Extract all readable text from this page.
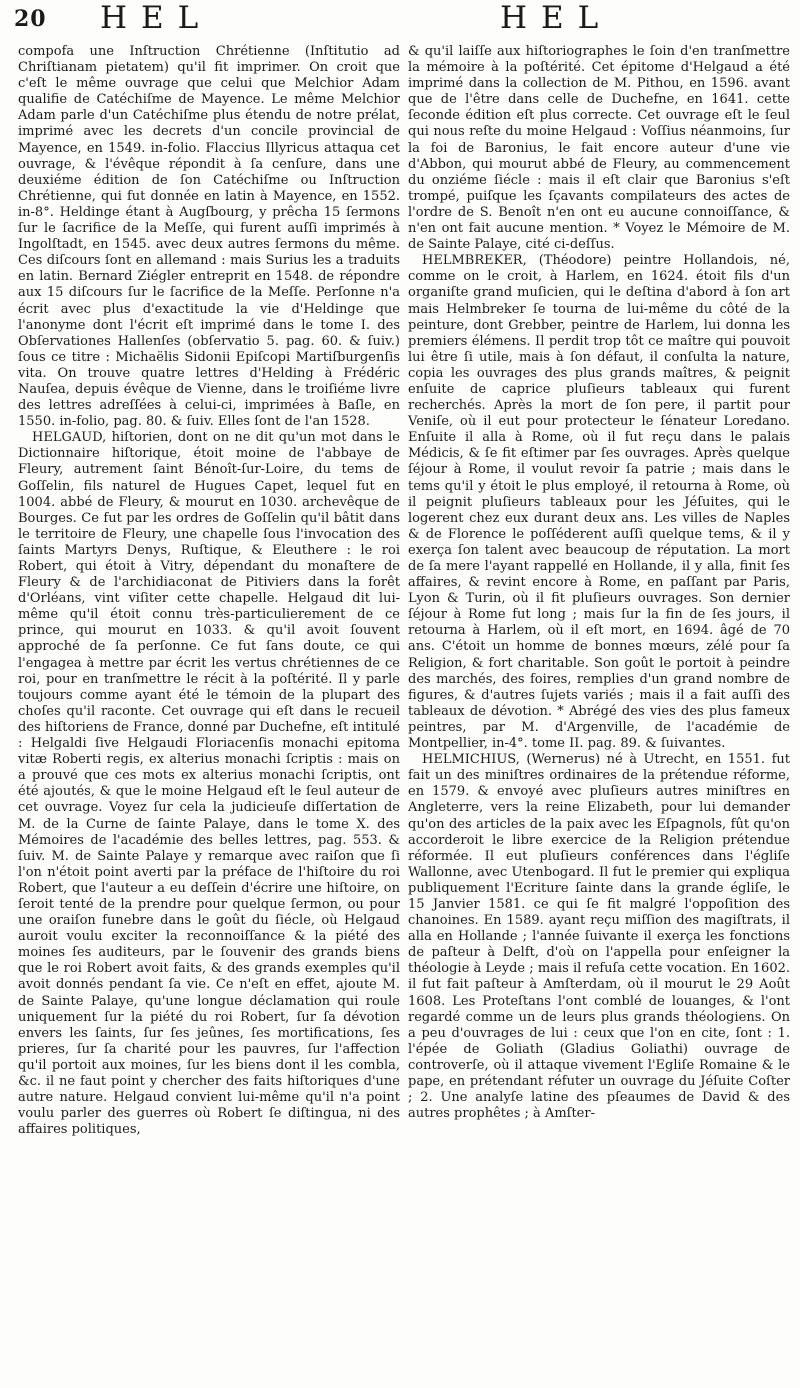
20 HEL	HEL

compofa une Inſtruction Chrétienne (Inſtitutio ad Chriſtianam pietatem) qu'il fit imprimer. On croit que c'eſt le même ouvrage que celui que Melchior Adam qualifie de Catéchiſme de Mayence. Le même Melchior Adam parle d'un Catéchiſme plus étendu de notre prélat, imprimé avec les decrets d'un concile provincial de Mayence, en 1549. in-folio. Flaccius Illyricus attaqua cet ouvrage, & l'évêque répondit à ſa cenſure, dans une deuxiéme édition de ſon Catéchiſme ou Inſtruction Chrétienne, qui fut donnée en latin à Mayence, en 1552. in-8°. Heldinge étant à Augſbourg, y prêcha 15 ſermons ſur le ſacrifice de la Meſſe, qui furent auſſi imprimés à Ingolſtadt, en 1545. avec deux autres ſermons du même. Ces diſcours ſont en allemand : mais Surius les a traduits en latin. Bernard Ziégler entreprit en 1548. de répondre aux 15 diſcours ſur le ſacrifice de la Meſſe. Perſonne n'a écrit avec plus d'exactitude la vie d'Heldinge que l'anonyme dont l'écrit eſt imprimé dans le tome I. des Obſervationes Hallenſes (obſervatio 5. pag. 60. & ſuiv.) ſous ce titre : Michaëlis Sidonii Epiſcopi Martiſburgenſis vita. On trouve quatre lettres d'Helding à Frédéric Nauſea, depuis évêque de Vienne, dans le troiſiéme livre des lettres adreſſées à celui-ci, imprimées à Baſle, en 1550. in-folio, pag. 80. & ſuiv. Elles ſont de l'an 1528.

HELGAUD, hiſtorien, dont on ne dit qu'un mot dans le Dictionnaire hiſtorique, étoit moine de l'abbaye de Fleury, autrement ſaint Bénoît-ſur-Loire, du tems de Goſſelin, fils naturel de Hugues Capet, lequel fut en 1004. abbé de Fleury, & mourut en 1030. archevêque de Bourges. Ce fut par les ordres de Goſſelin qu'il bâtit dans le territoire de Fleury, une chapelle ſous l'invocation des ſaints Martyrs Denys, Ruſtique, & Eleuthere : le roi Robert, qui étoit à Vitry, dépendant du monaſtere de Fleury & de l'archidiaconat de Pitiviers dans la forêt d'Orléans, vint viſiter cette chapelle. Helgaud dit lui-même qu'il étoit connu très-particulierement de ce prince, qui mourut en 1033. & qu'il avoit ſouvent approché de ſa perſonne. Ce fut ſans doute, ce qui l'engagea à mettre par écrit les vertus chrétiennes de ce roi, pour en tranſmettre le récit à la poſtérité. Il y parle toujours comme ayant été le témoin de la plupart des choſes qu'il raconte. Cet ouvrage qui eſt dans le recueil des hiſtoriens de France, donné par Duchefne, eſt intitulé : Helgaldi ſive Helgaudi Floriacenſis monachi epitoma vitæ Roberti regis, ex alterius monachi ſcriptis : mais on a prouvé que ces mots ex alterius monachi ſcriptis, ont été ajoutés, & que le moine Helgaud eſt le ſeul auteur de cet ouvrage. Voyez ſur cela la judicieuſe diſſertation de M. de la Curne de ſainte Palaye, dans le tome X. des Mémoires de l'académie des belles lettres, pag. 553. & ſuiv. M. de Sainte Palaye y remarque avec raiſon que ſi l'on n'étoit point averti par la préface de l'hiſtoire du roi Robert, que l'auteur a eu deſſein d'écrire une hiſtoire, on ſeroit tenté de la prendre pour quelque ſermon, ou pour une oraiſon funebre dans le goût du ſiécle, où Helgaud auroit voulu exciter la reconnoiſſance & la piété des moines ſes auditeurs, par le ſouvenir des grands biens que le roi Robert avoit faits, & des grands exemples qu'il avoit donnés pendant ſa vie. Ce n'eſt en effet, ajoute M. de Sainte Palaye, qu'une longue déclamation qui roule uniquement ſur la piété du roi Robert, ſur ſa dévotion envers les ſaints, ſur ſes jeûnes, ſes mortifications, ſes prieres, ſur ſa charité pour les pauvres, ſur l'affection qu'il portoit aux moines, ſur les biens dont il les combla, &c. il ne faut point y chercher des faits hiſtoriques d'une autre nature. Helgaud convient lui-même qu'il n'a point voulu parler des guerres où Robert ſe diſtingua, ni des affaires politiques,

& qu'il laiſſe aux hiſtoriographes le ſoin d'en tranſmettre la mémoire à la poſtérité. Cet épitome d'Helgaud a été imprimé dans la collection de M. Pithou, en 1596. avant que de l'être dans celle de Duchefne, en 1641. cette ſeconde édition eſt plus correcte. Cet ouvrage eſt le ſeul qui nous reſte du moine Helgaud : Voſſius néanmoins, ſur la foi de Baronius, le fait encore auteur d'une vie d'Abbon, qui mourut abbé de Fleury, au commencement du onziéme ſiécle : mais il eſt clair que Baronius s'eſt trompé, puiſque les ſçavants compilateurs des actes de l'ordre de S. Benoît n'en ont eu aucune connoiſſance, & n'en ont fait aucune mention. * Voyez le Mémoire de M. de Sainte Palaye, cité ci-deſſus.

HELMBREKER, (Théodore) peintre Hollandois, né, comme on le croit, à Harlem, en 1624. étoit fils d'un organiſte grand muſicien, qui le deſtina d'abord à ſon art mais Helmbreker ſe tourna de lui-même du côté de la peinture, dont Grebber, peintre de Harlem, lui donna les premiers élémens. Il perdit trop tôt ce maître qui pouvoit lui être ſi utile, mais à ſon défaut, il conſulta la nature, copia les ouvrages des plus grands maîtres, & peignit enſuite de caprice pluſieurs tableaux qui furent recherchés. Après la mort de ſon pere, il partit pour Veniſe, où il eut pour protecteur le ſénateur Loredano. Enſuite il alla à Rome, où il fut reçu dans le palais Médicis, & ſe fit eſtimer par ſes ouvrages. Après quelque ſéjour à Rome, il voulut revoir ſa patrie ; mais dans le tems qu'il y étoit le plus employé, il retourna à Rome, où il peignit pluſieurs tableaux pour les Jéſuites, qui le logerent chez eux durant deux ans. Les villes de Naples & de Florence le poſſéderent auſſi quelque tems, & il y exerça ſon talent avec beaucoup de réputation. La mort de ſa mere l'ayant rappellé en Hollande, il y alla, finit ſes affaires, & revint encore à Rome, en paſſant par Paris, Lyon & Turin, où il fit pluſieurs ouvrages. Son dernier ſéjour à Rome fut long ; mais ſur la fin de ſes jours, il retourna à Harlem, où il eſt mort, en 1694. âgé de 70 ans. C'étoit un homme de bonnes mœurs, zélé pour ſa Religion, & fort charitable. Son goût le portoit à peindre des marchés, des foires, remplies d'un grand nombre de figures, & d'autres ſujets variés ; mais il a fait auſſi des tableaux de dévotion. * Abrégé des vies des plus fameux peintres, par M. d'Argenville, de l'académie de Montpellier, in-4°. tome II. pag. 89. & ſuivantes.

HELMICHIUS, (Wernerus) né à Utrecht, en 1551. fut fait un des miniſtres ordinaires de la prétendue réforme, en 1579. & envoyé avec pluſieurs autres miniſtres en Angleterre, vers la reine Elizabeth, pour lui demander qu'on des articles de la paix avec les Eſpagnols, fût qu'on accorderoit le libre exercice de la Religion prétendue réformée. Il eut pluſieurs conférences dans l'égliſe Wallonne, avec Utenbogard. Il fut le premier qui expliqua publiquement l'Ecriture ſainte dans la grande égliſe, le 15 Janvier 1581. ce qui ſe fit malgré l'oppoſition des chanoines. En 1589. ayant reçu miſſion des magiſtrats, il alla en Hollande ; l'année ſuivante il exerça les fonctions de paſteur à Delft, d'où on l'appella pour enſeigner la théologie à Leyde ; mais il refuſa cette vocation. En 1602. il fut fait paſteur à Amſterdam, où il mourut le 29 Août 1608. Les Proteſtans l'ont comblé de louanges, & l'ont regardé comme un de leurs plus grands théologiens. On a peu d'ouvrages de lui : ceux que l'on en cite, ſont : 1. l'épée de Goliath (Gladius Goliathi) ouvrage de controverſe, où il attaque vivement l'Egliſe Romaine & le pape, en prétendant réfuter un ouvrage du Jéſuite Coſter ; 2. Une analyſe latine des pſeaumes de David & des autres prophêtes ; à Amſter-
